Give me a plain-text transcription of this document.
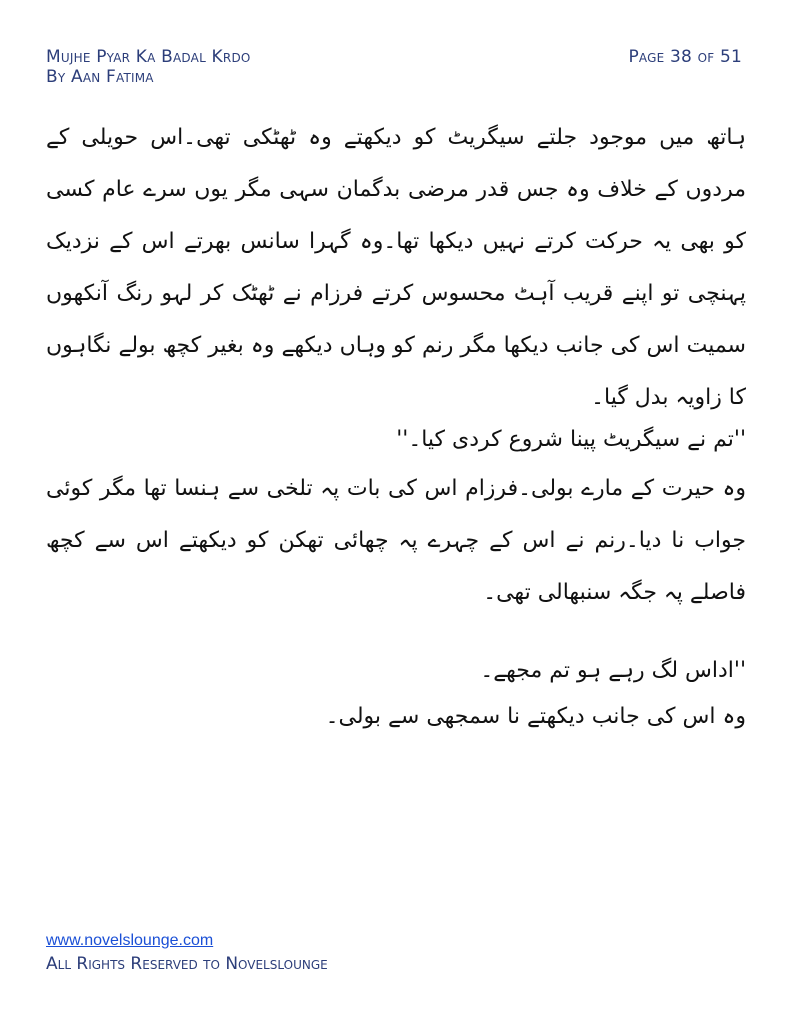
Mujhe Pyar Ka Badal Krdo
By Aan Fatima
Page 38 of 51

ہاتھ میں موجود جلتے سیگریٹ کو دیکھتے وہ ٹھٹکی تھی۔اس حویلی کے مردوں کے خلاف وہ جس قدر مرضی بدگمان سہی مگر یوں سرے عام کسی کو بھی یہ حرکت کرتے نہیں دیکھا تھا۔وہ گہرا سانس بھرتے اس کے نزدیک پہنچی تو اپنے قریب آہٹ محسوس کرتے فرزام نے ٹھٹک کر لہو رنگ آنکھوں سمیت اس کی جانب دیکھا مگر رنم کو وہاں دیکھے وہ بغیر کچھ بولے نگاہوں کا زاویہ بدل گیا۔

''تم نے سیگریٹ پینا شروع کردی کیا۔''

وہ حیرت کے مارے بولی۔فرزام اس کی بات پہ تلخی سے ہنسا تھا مگر کوئی جواب نا دیا۔رنم نے اس کے چہرے پہ چھائی تھکن کو دیکھتے اس سے کچھ فاصلے پہ جگہ سنبھالی تھی۔

''اداس لگ رہے ہو تم مجھے۔

وہ اس کی جانب دیکھتے نا سمجھی سے بولی۔

www.novelslounge.com
All Rights Reserved to Novelslounge
